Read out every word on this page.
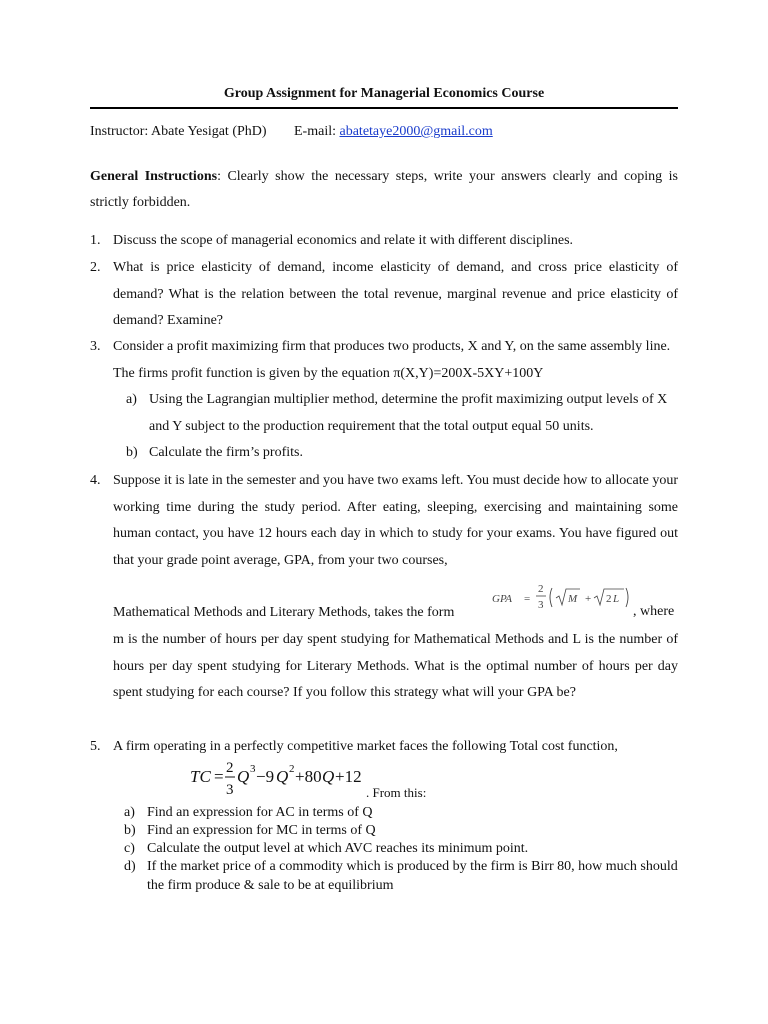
Group Assignment for Managerial Economics Course
Instructor: Abate Yesigat (PhD) E-mail: abatetaye2000@gmail.com
General Instructions: Clearly show the necessary steps, write your answers clearly and coping is strictly forbidden.
1. Discuss the scope of managerial economics and relate it with different disciplines.
2. What is price elasticity of demand, income elasticity of demand, and cross price elasticity of demand? What is the relation between the total revenue, marginal revenue and price elasticity of demand? Examine?
3. Consider a profit maximizing firm that produces two products, X and Y, on the same assembly line. The firms profit function is given by the equation π(X,Y)=200X-5XY+100Y
a) Using the Lagrangian multiplier method, determine the profit maximizing output levels of X and Y subject to the production requirement that the total output equal 50 units.
b) Calculate the firm’s profits.
4. Suppose it is late in the semester and you have two exams left. You must decide how to allocate your working time during the study period. After eating, sleeping, exercising and maintaining some human contact, you have 12 hours each day in which to study for your exams. You have figured out that your grade point average, GPA, from your two courses,
Mathematical Methods and Literary Methods, takes the form	, where
GPA =
2
3 M + 2 L
m is the number of hours per day spent studying for Mathematical Methods and L is the number of hours per day spent studying for Literary Methods. What is the optimal number of hours per day spent studying for each course? If you follow this strategy what will your GPA be?
5. A firm operating in a perfectly competitive market faces the following Total cost function,
TC = 2
3
Q 3 −9 Q 2 +80 Q +12
. From this:
a) Find an expression for AC in terms of Q
b) Find an expression for MC in terms of Q
c) Calculate the output level at which AVC reaches its minimum point.
d) If the market price of a commodity which is produced by the firm is Birr 80, how much should the firm produce & sale to be at equilibrium
